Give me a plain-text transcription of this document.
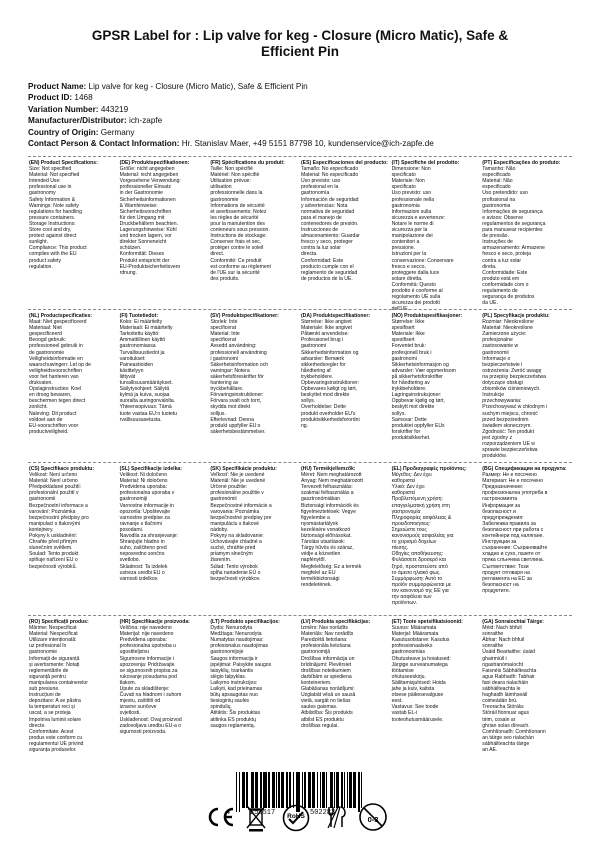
GPSR Label for : Lip valve for keg - Closure (Micro Matic), Safe &
Efficient Pin
Product Name: Lip valve for keg - Closure (Micro Matic), Safe & Efficient Pin
Product ID: 1468
Variation Number: 443219
Manufacturer/Distributor: ich-zapfe
Country of Origin: Germany
Contact Person & Contact Information: Hr. Stanislav Maer, +49 5151 87798 10, kundenservice@ich-zapfe.de
(EN) Product Specifications:
Size: Not specified
Material: Not specified
Intended Use:
professional use in
gastronomy
Safety Information &
Warnings: Note safety
regulations for handling
pressure containers.
Storage Instructions:
Store cool and dry,
protect against direct
sunlight.
Compliance: This product
complies with the EU
product safety
regulation.
(DE) Produktspezifikationen:
Größe: nicht angegeben
Material: nicht angegeben
Vorgesehene Verwendung:
professioneller Einsatz
in der Gastronomie
Sicherheitsinformationen
& Warnhinweise:
Sicherheitsvorschriften
für den Umgang mit
Druckbehältern beachten.
Lagerungshinweise: Kühl
und trocken lagern, vor
direkter Sonneneicht
schützen.
Konformität: Dieses
Produkt entspricht der
EU-Produktsicherheitsvero
rdnung.
(FR) Spécifications du produit:
Taille: Non spécifié
Matériel: Non spécifié
Utilisation prévue:
utilisation
professionnelle dans la
gastronomie
Informations de sécurité
et avertissements: Notez
les règles de sécurité
pour la manutention des
conteneurs sous pression.
Instructions de stockage:
Conserver frais et sec,
protéger contre le soleil
direct.
Conformité: Ce produit
est conforme au règlement
de l'UE sur la sécurité
des produits.
(ES) Especificaciones del producto:
Tamaño: No especificado
Material: No especificado
Uso previsto: uso
profesional en la
gastronomía
Información de seguridad
y advertencias: Nota
normativa de seguridad
para el manejo de
contenedores de presión.
Instrucciones de
almacenamiento: Guardar
fresco y seco, proteger
contra la luz solar
directa.
Conformidad: Este
producto cumple con el
reglamento de seguridad
de productos de la UE.
(IT) Specifiche del prodotto:
Dimensione: Non
specificato
Materiale: Non
specificato
Uso previsto: uso
professionale nella
gastronomia
Informazioni sulla
sicurezza e avvertenze:
Notare le norme di
sicurezza per la
manipolazione dei
contenitori a
pressione.
Istruzioni per la
conservazione: Conservare
fresco e secco,
proteggere dalla luce
solare diretta.
Conformità: Questo
prodotto è conforme al
regolamento UE sulla
sicurezza dei prodotti
dell'UE.
(PT) Especificações do produto:
Tamanho: Não
especificado
Material: Não
especificado
Uso pretendido: uso
profissional na
gastronomia
Informações de segurança
e avisos: Observe
regulamentos de segurança
para manusear recipientes
de pressão.
Instruções de
armazenamento: Armazene
fresco e seco, proteja
contra a luz solar
direta.
Conformidade: Este
produto está em
conformidade com o
regulamento de
segurança de produtos
da UE.
(NL) Productspecificaties:
Maat: Niet gespecificeerd
Materiaal: Niet
gespecificeerd
Beoogd gebruik:
professioneel gebruik in
de gastronomie
Veiligheidsinformatie en
waarschuwingen: Let op de
veiligheidsvoorschriften
voor het hanteren van
drukvaten.
Opslaginstructies: Koel
en droog bewaren,
beschermen tegen direct
zonlicht.
Naleving: Dit product
voldoet aan de
EU-voorschriften voor
productveiligheid.
(FI) Tuotetiedot:
Koko: Ei määritelty
Materiaali: Ei määritelty
Tarkoitettu käyttö:
Ammattillinen käyttö
gastronomiassa
Turvallisuustiedot ja
varoitukset:
Paineastioiden
käsittelyyn
liittyvät
turvallisuusmääräykset.
Säilytysohjeet: Säilytä
kylmä ja kuiva, suojaa
suoralta auringonvalolta.
Yhteensopivuus: Tämä
tuote vastaa EU:n tuotetu
rvallisuusasetusta.
(SV) Produktspecifikationer:
Storlek: Inte
specificerat
Material: Inte
specificerat
Avsedd användning:
professionell användning
i gastronomi
Säkerhetsinformation och
varningar: Notera
säkerhetsföreskrifter för
hantering av
tryckbehållare.
Förvaringsinstruktioner:
Förvara svalt och torrt,
skydda mot direkt
solljus.
Efterlevnad: Denna
produkt uppfyller EU:s
säkerhetsbestämmelser.
(DA) Produktspecifikationer:
Størrelse: Ikke angivet
Materiale: Ikke angivet
Påtænkt anvendelse:
Professionel brug i
gastronomi
Sikkerhedsinformation og
advarsler: Bemærk
sikkerhedsregler for
håndtering af
trykbeholdere.
Opbevaringsinstruktioner:
Opbevares køligt og tørt,
beskyttet mod direkte
sollys.
Overholdelse: Dette
produkt overholder EU's
produktsikkerhedsforordni
ng.
(NO) Produktspesifikasjoner:
Størrelse: Ikke
spesifisert
Materiale: Ikke
spesifisert
Forventet bruk:
profesjonell bruk i
gastronomi
Sikkerhetsinformasjon og
advarsler: Vær oppmerksom
på sikkerhetsforskrifter
for håndtering av
trykkbeholdere.
Lagringsinstruksjoner:
Oppbevar kjølig og tørt,
beskytt mot direkte
sollys.
Samsvar: Dette
produktet oppfyller EUs
forskrifter for
produktsikkerhet.
(PL) Specyfikacje produktu:
Rozmiar: Nieokreślone
Materiał: Nieokreślone
Zamierzone użycie:
profesjonalne
zastosowanie w
gastronomii
Informacje o
bezpieczeństwie i
ostrzeżenia: Zwróć uwagę
na przepisy bezpieczeństwa
dotyczące obsługi
zbiorników ciśnieniowych.
Instrukcje
przechowywania:
Przechowywać w chłodnym i
suchym miejscu, chronić
przed bezpośrednim
światłem słonecznym.
Zgodność: Ten produkt
jest zgodny z
rozporządzeniem UE w
sprawie bezpieczeństwa
produktów.
(CS) Specifikace produktu:
Velikost: Není určeno
Materiál: Není určeno
Předpokládané použití:
profesionální použití v
gastronomii
Bezpečnostní informace a
varování: Poznámka
bezpečnostní předpisy pro
manipulaci s tlakovými
kontejnery.
Pokyny k uskladnění:
Chraňte před přímým
slunečním světlem.
Soulad: Tento produkt
splňuje nařízení EU o
bezpečnosti výrobků.
(SL) Specifikacije izdelka:
Velikost: Ni določeno
Material: Ni določeno
Predvidena uporaba:
profesionalna uporaba v
gastronomiji
Varnostne informacije in
opozorila: Upoštevajte
varnostne predpise za
ravnanje s tlačnimi
posodami.
Navodila za shranjevanje:
Shranjujte hladno in
suho, zaščiteno pred
neposredno sončno
svetlobo.
Skladnost: Ta izdelek
ustreza uredbi EU o
varnosti izdelkov.
(SK) Špecifikácie produktu:
Veľkosť: Nie je uvedené
Materiál: Nie je uvedené
Určené použitie:
profesionálne použitie v
gastronómii
Bezpečnostné informácie a
varovania: Poznámka
bezpečnostné predpisy pre
manipuláciu s tlakové
nádoby.
Pokyny na skladovanie:
Uchovávajte chladné a
suché, chráňte pred
priamym slnečným
žiarením.
Súlad: Tento výrobok
spĺňa nariadenie EÚ o
bezpečnosti výrobkov.
(HU) Termékjellemzők:
Méret: Nem meghatározott
Anyag: Nem meghatározott
Tervezett felhasználás:
szakmai felhasználás a
gasztronómiában
Biztonsági információk és
figyelmeztetések: Vegye
figyelembe a
nyomástartályok
kezelésére vonatkozó
biztonsági előírásokat.
Tárolási utasítások:
Tárgy hűvös és száraz,
védje a közvetlen
napfénytől.
Megfelelőség: Ez a termék
megfelel az EU
termékbiztonsági
rendeletének.
(EL) Προδιαγραφές προϊόντος:
Μέγεθος: Δεν έχει
καθοριστεί
Υλικό: Δεν έχει
καθοριστεί
Προβλεπόμενη χρήση:
επαγγελματική χρήση στη
γαστρονομία
Πληροφορίες ασφάλειας &
προειδοποιήσεις:
Σημειώστε τους
κανονισμούς ασφαλείας για
το χειρισμό δοχείων
πίεσης.
Οδηγίες αποθήκευσης:
Φυλάσσετε δροσερό και
ξηρό, προστατεύστε από
το άμεσο ηλιακό φως.
Συμμόρφωση: Αυτό το
προϊόν συμμορφώνεται με
τον κανονισμό της ΕΕ για
την ασφάλεια των
προϊόντων.
(BG) Спецификации на продукта:
Размер: Не е посочено
Материал: Не е посочено
Предназначение:
професионална употреба в
гастрономията
Информация за
безопасност и
предупреждения:
Забележка правила за
безопасност при работа с
контейнери под налягане.
Инструкции за
съхранение: Съхранявайте
хладно и сухо, пазете от
пряка слънчева светлина.
Съответствие: Този
продукт отговаря на
регламента на ЕС за
безопасност на
продуктите.
(RO) Specificații produs:
Mărime: Nespecificat
Material: Nespecificat
Utilizare intenționată:
uz profesional în
gastronomie
Informații de siguranță
și avertismente: Notați
reglementările de
siguranță pentru
manipularea containerelor
sub presiune.
Instrucțiuni de
depozitare: A se păstra
la temperaturi reci și
uscat, a se proteja
împotriva luminii solare
directe.
Conformitate: Acest
produs este conform cu
regulamentul UE privind
siguranța produselor.
(HR) Specifikacije proizvoda:
Veličina: nije navedeno
Materijal: nije navedeno
Predviđena uporaba:
profesionalna upotreba u
ugostiteljstvu
Sigurnosne informacije i
upozorenja: Pridržavajte
se sigurnosnih propisa za
rukovanje posudama pod
tlakom.
Upute za skladištenje:
Čuvati na hladnom i suhom
mjestu, zaštititi od
izravne sunčeve
svjetlosti.
Usklađenost: Ovaj proizvod
zadovoljava uredbu EU-a o
sigurnosti proizvoda.
(LT) Produkto specifikacijos:
Dydis: Nenurodyta
Medžiaga: Nenurodyta
Numatytas naudojimas:
profesionalus naudojimas
gastronomijoje
Saugos informacija ir
įspėjimai: Paisykite saugos
taisyklių, tvarkantis
slėgio talpyklas.
Laikymo instrukcijos:
Laikyti, kad prieinamas
būtų apsaugotas nuo
tiesioginių saulės
spindulių.
Atitiktis: Šis produktas
atitinka ES produktų
saugos reglamentą.
(LV) Produkta specifikācijas:
Izmērs: Nav norādīts
Materiāls: Nav norādīts
Paredzētā lietošana:
profesionāla lietošana
gastronomijā
Drošības informācija un
brīdinājumi: Pievērsiet
drošības noteikumiem
darbībām ar spiediena
konteineriem.
Glabāšanas norādījumi:
Uzglabāt vēsā un sausā
vietā, sargāt no tiešas
saules gaismas.
Atbilstība: Šis produkts
atbilst ES produktu
drošības regulai.
(ET) Toote spetsifikatsioonid:
Suurus: Määramata
Materjal: Määramata
Kasutusotstarve: Kasutus
professionaalseks
gastronoomias
Ohutusteave ja hoiatused:
Järgige surveanumatega
töötamise
ohutuseeskirju.
Säilitamisjuhised: Hoida
jahe ja kuiv, kaitsta
otsese päikesevalguse
eest.
Vastavus: See toode
vastab EL-i
tooteohutusmäärusele.
(GA) Sonraíochtaí Táirge:
Méid: Nach bhfuil
sonraithe
Ábhar: Nach bhfuil
sonraithe
Úsáid Beartaithe: úsáid
ghairmiúil i
ngastranómaíocht
Faisnéis Sábháilteachta
agus Rabhadh: Tabhair
faoi deara rialacháin
sábháilteachta le
haghaidh láimhseáil
coimeádán brú.
Treoracha Stórála:
Stóráil fionnuar agus
tirim, cosain ar
ghrian solas díreach.
Comhlíonadh: Comhlíonann
an táirge seo rialachán
sábháilteachta táirge
an AE.
4	250517	502283
RoHS	0-3
